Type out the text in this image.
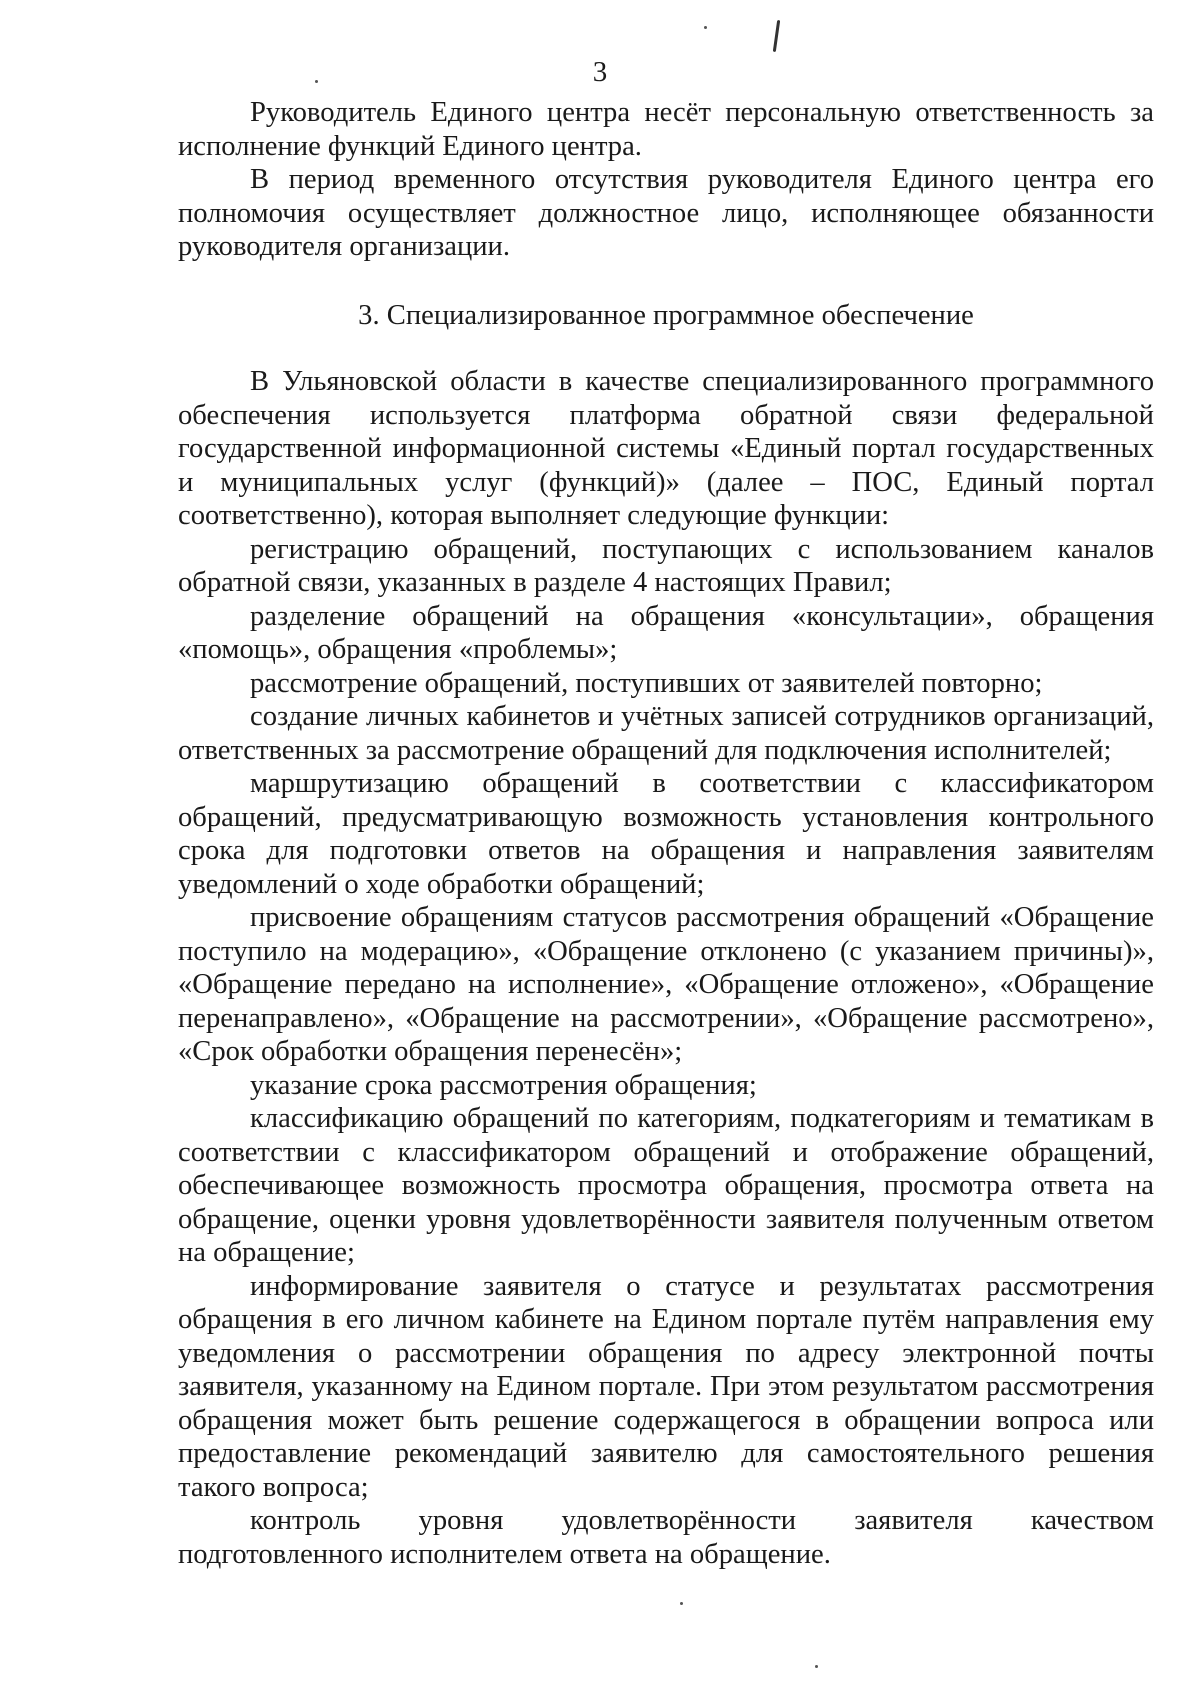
3

Руководитель Единого центра несёт персональную ответственность за исполнение функций Единого центра.

В период временного отсутствия руководителя Единого центра его полномочия осуществляет должностное лицо, исполняющее обязанности руководителя организации.

3. Специализированное программное обеспечение

В Ульяновской области в качестве специализированного программного обеспечения используется платформа обратной связи федеральной государственной информационной системы «Единый портал государственных и муниципальных услуг (функций)» (далее – ПОС, Единый портал соответственно), которая выполняет следующие функции:

регистрацию обращений, поступающих с использованием каналов обратной связи, указанных в разделе 4 настоящих Правил;

разделение обращений на обращения «консультации», обращения «помощь», обращения «проблемы»;

рассмотрение обращений, поступивших от заявителей повторно;

создание личных кабинетов и учётных записей сотрудников организаций, ответственных за рассмотрение обращений для подключения исполнителей;

маршрутизацию обращений в соответствии с классификатором обращений, предусматривающую возможность установления контрольного срока для подготовки ответов на обращения и направления заявителям уведомлений о ходе обработки обращений;

присвоение обращениям статусов рассмотрения обращений «Обращение поступило на модерацию», «Обращение отклонено (с указанием причины)», «Обращение передано на исполнение», «Обращение отложено», «Обращение перенаправлено», «Обращение на рассмотрении», «Обращение рассмотрено», «Срок обработки обращения перенесён»;

указание срока рассмотрения обращения;

классификацию обращений по категориям, подкатегориям и тематикам в соответствии с классификатором обращений и отображение обращений, обеспечивающее возможность просмотра обращения, просмотра ответа на обращение, оценки уровня удовлетворённости заявителя полученным ответом на обращение;

информирование заявителя о статусе и результатах рассмотрения обращения в его личном кабинете на Едином портале путём направления ему уведомления о рассмотрении обращения по адресу электронной почты заявителя, указанному на Едином портале. При этом результатом рассмотрения обращения может быть решение содержащегося в обращении вопроса или предоставление рекомендаций заявителю для самостоятельного решения такого вопроса;

контроль уровня удовлетворённости заявителя качеством подготовленного исполнителем ответа на обращение.
